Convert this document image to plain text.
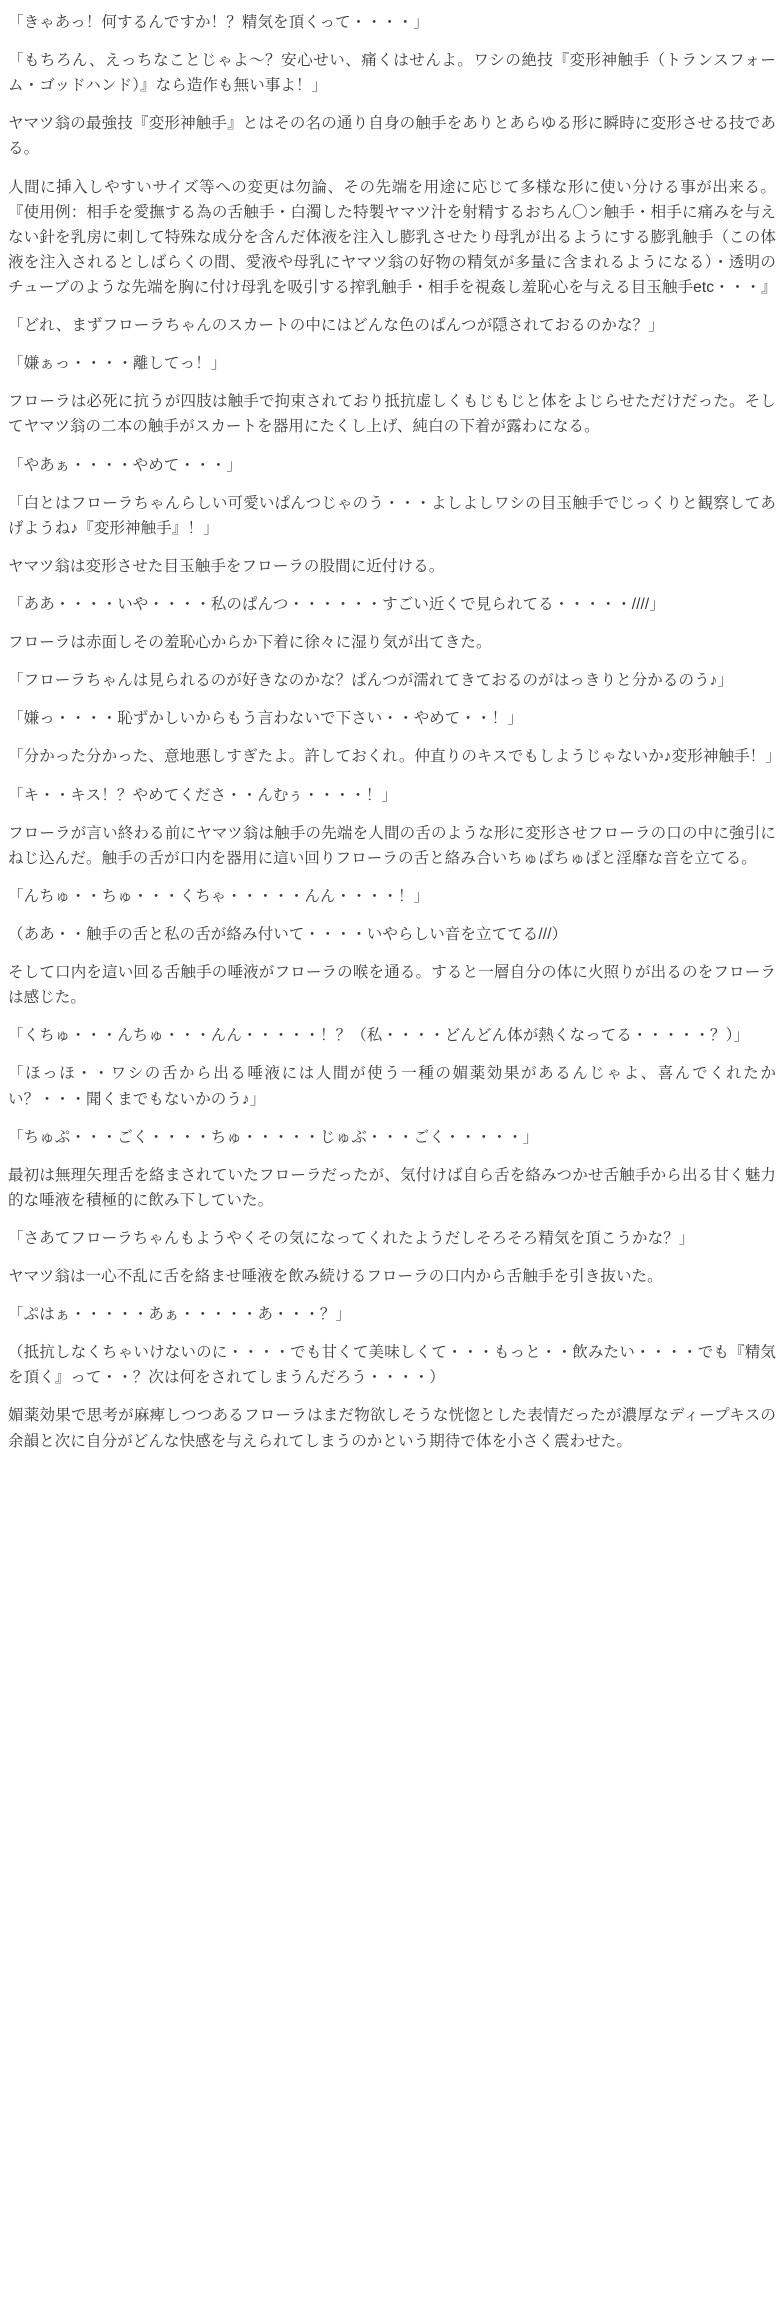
「きゃあっ！何するんですか！？精気を頂くって・・・・」

「もちろん、えっちなことじゃよ～？安心せい、痛くはせんよ。ワシの絶技『変形神触手（トランスフォーム・ゴッドハンド）』なら造作も無い事よ！」

ヤマツ翁の最強技『変形神触手』とはその名の通り自身の触手をありとあらゆる形に瞬時に変形させる技である。

人間に挿入しやすいサイズ等への変更は勿論、その先端を用途に応じて多様な形に使い分ける事が出来る。『使用例：相手を愛撫する為の舌触手・白濁した特製ヤマツ汁を射精するおちん〇ン触手・相手に痛みを与えない針を乳房に刺して特殊な成分を含んだ体液を注入し膨乳させたり母乳が出るようにする膨乳触手（この体液を注入されるとしばらくの間、愛液や母乳にヤマツ翁の好物の精気が多量に含まれるようになる）・透明のチューブのような先端を胸に付け母乳を吸引する搾乳触手・相手を視姦し羞恥心を与える目玉触手etc・・・』

「どれ、まずフローラちゃんのスカートの中にはどんな色のぱんつが隠されておるのかな？」

「嫌ぁっ・・・・離してっ！」

フローラは必死に抗うが四肢は触手で拘束されており抵抗虚しくもじもじと体をよじらせただけだった。そしてヤマツ翁の二本の触手がスカートを器用にたくし上げ、純白の下着が露わになる。

「やあぁ・・・・やめて・・・」

「白とはフローラちゃんらしい可愛いぱんつじゃのう・・・よしよしワシの目玉触手でじっくりと観察してあげようね♪『変形神触手』！」

ヤマツ翁は変形させた目玉触手をフローラの股間に近付ける。

「ああ・・・・いや・・・・私のぱんつ・・・・・・すごい近くで見られてる・・・・・////」

フローラは赤面しその羞恥心からか下着に徐々に湿り気が出てきた。

「フローラちゃんは見られるのが好きなのかな？ぱんつが濡れてきておるのがはっきりと分かるのう♪」

「嫌っ・・・・恥ずかしいからもう言わないで下さい・・やめて・・！」

「分かった分かった、意地悪しすぎたよ。許しておくれ。仲直りのキスでもしようじゃないか♪変形神触手！」

「キ・・キス！？やめてくださ・・んむぅ・・・・！」

フローラが言い終わる前にヤマツ翁は触手の先端を人間の舌のような形に変形させフローラの口の中に強引にねじ込んだ。触手の舌が口内を器用に這い回りフローラの舌と絡み合いちゅぱちゅぱと淫靡な音を立てる。

「んちゅ・・ちゅ・・・くちゃ・・・・・んん・・・・！」

（ああ・・触手の舌と私の舌が絡み付いて・・・・いやらしい音を立ててる///）

そして口内を這い回る舌触手の唾液がフローラの喉を通る。すると一層自分の体に火照りが出るのをフローラは感じた。

「くちゅ・・・んちゅ・・・んん・・・・・！？（私・・・・どんどん体が熱くなってる・・・・・？）」

「ほっほ・・ワシの舌から出る唾液には人間が使う一種の媚薬効果があるんじゃよ、喜んでくれたかい？・・・聞くまでもないかのう♪」

「ちゅぷ・・・ごく・・・・ちゅ・・・・・じゅぶ・・・ごく・・・・・」

最初は無理矢理舌を絡まされていたフローラだったが、気付けば自ら舌を絡みつかせ舌触手から出る甘く魅力的な唾液を積極的に飲み下していた。

「さあてフローラちゃんもようやくその気になってくれたようだしそろそろ精気を頂こうかな？」

ヤマツ翁は一心不乱に舌を絡ませ唾液を飲み続けるフローラの口内から舌触手を引き抜いた。

「ぷはぁ・・・・・あぁ・・・・・あ・・・？」

（抵抗しなくちゃいけないのに・・・・でも甘くて美味しくて・・・もっと・・飲みたい・・・・でも『精気を頂く』って・・？次は何をされてしまうんだろう・・・・）

媚薬効果で思考が麻痺しつつあるフローラはまだ物欲しそうな恍惚とした表情だったが濃厚なディープキスの余韻と次に自分がどんな快感を与えられてしまうのかという期待で体を小さく震わせた。
